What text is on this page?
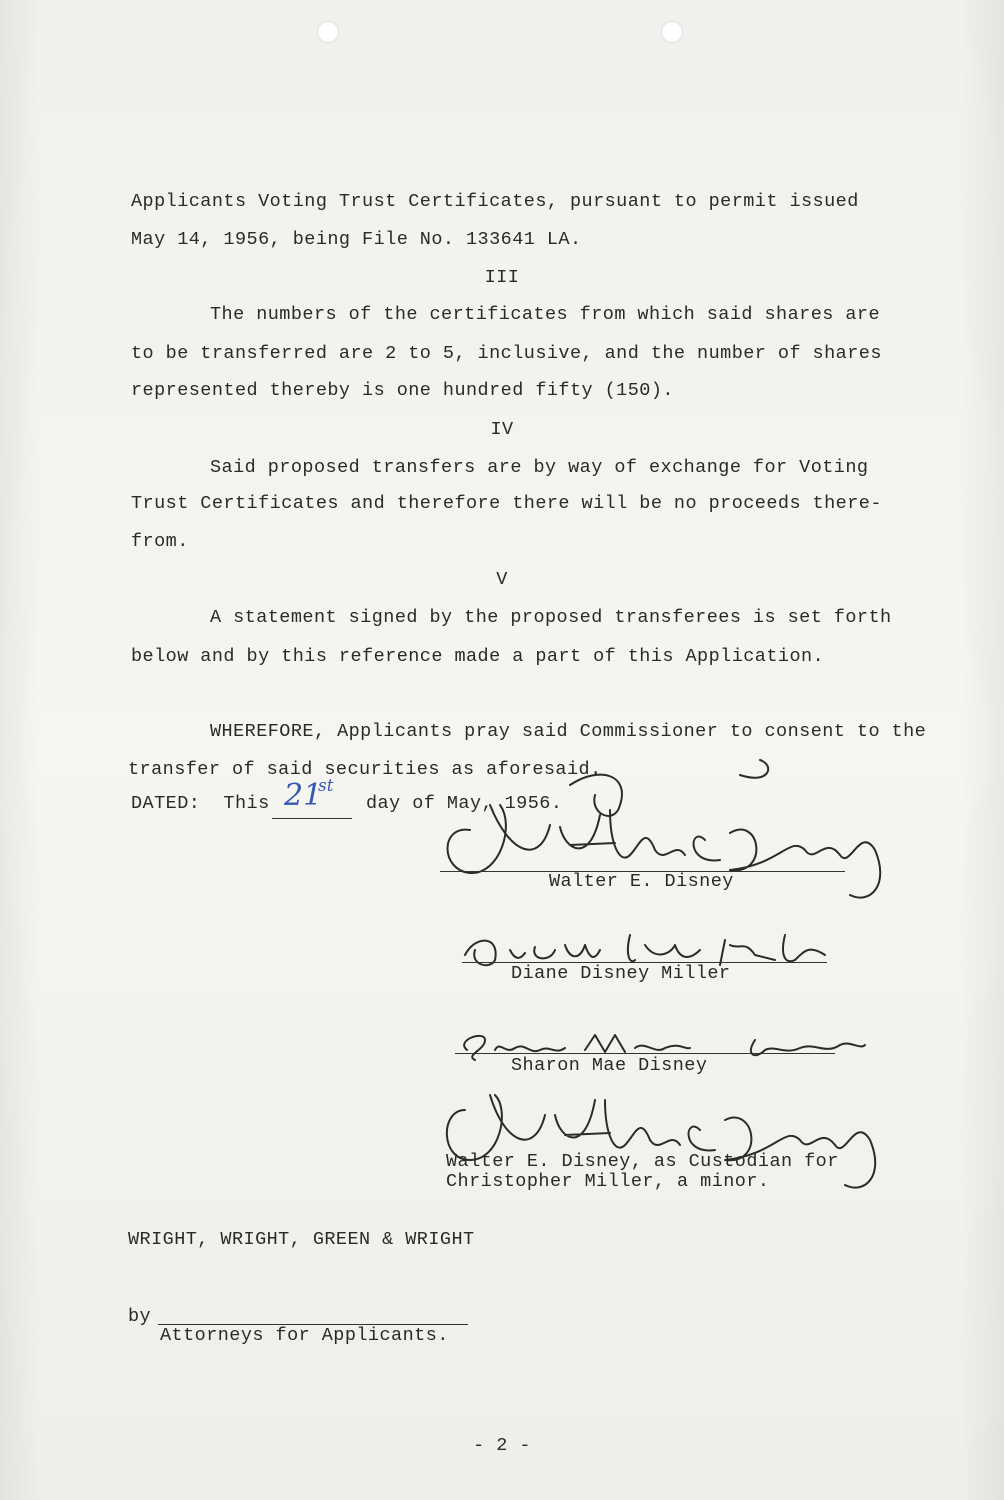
Applicants Voting Trust Certificates, pursuant to permit issued
May 14, 1956, being File No. 133641 LA.
III
The numbers of the certificates from which said shares are
to be transferred are 2 to 5, inclusive, and the number of shares
represented thereby is one hundred fifty (150).
IV
Said proposed transfers are by way of exchange for Voting
Trust Certificates and therefore there will be no proceeds there-
from.
V
A statement signed by the proposed transferees is set forth
below and by this reference made a part of this Application.
WHEREFORE, Applicants pray said Commissioner to consent to the
transfer of said securities as aforesaid.
DATED:  This 21
st
day of May, 1956.
Walter E. Disney
Diane Disney Miller
Sharon Mae Disney
Walter E. Disney, as Custodian for
Christopher Miller, a minor.
WRIGHT, WRIGHT, GREEN & WRIGHT
by
Attorneys for Applicants.
- 2 -
